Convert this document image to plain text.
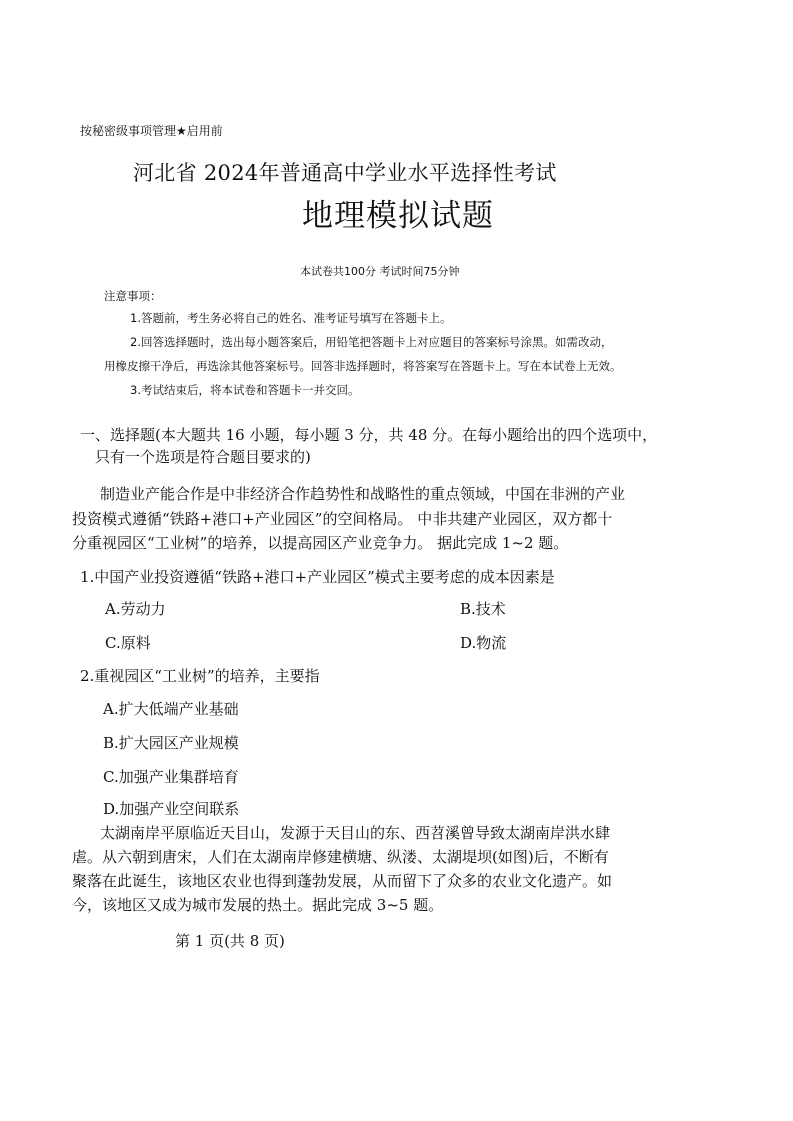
按秘密级事项管理★启用前
河北省 2024年普通高中学业水平选择性考试
地理模拟试题
本试卷共100分 考试时间75分钟
注意事项：
1.答题前，考生务必将自己的姓名、准考证号填写在答题卡上。
2.回答选择题时，选出每小题答案后，用铅笔把答题卡上对应题目的答案标号涂黑。如需改动，
用橡皮擦干净后，再选涂其他答案标号。回答非选择题时，将答案写在答题卡上。写在本试卷上无效。
3.考试结束后，将本试卷和答题卡一并交回。
一、选择题(本大题共 16 小题，每小题 3 分，共 48 分。在每小题给出的四个选项中，
只有一个选项是符合题目要求的)
制造业产能合作是中非经济合作趋势性和战略性的重点领域，中国在非洲的产业
投资模式遵循“铁路+港口+产业园区”的空间格局。 中非共建产业园区，双方都十
分重视园区“工业树”的培养，以提高园区产业竞争力。 据此完成 1~2 题。
1.中国产业投资遵循“铁路+港口+产业园区”模式主要考虑的成本因素是
A.劳动力	B.技术
C.原料	D.物流
2.重视园区“工业树”的培养，主要指
A.扩大低端产业基础
B.扩大园区产业规模
C.加强产业集群培育
D.加强产业空间联系
太湖南岸平原临近天目山，发源于天目山的东、西苕溪曾导致太湖南岸洪水肆
虐。从六朝到唐宋，人们在太湖南岸修建横塘、纵溇、太湖堤坝(如图)后，不断有
聚落在此诞生，该地区农业也得到蓬勃发展，从而留下了众多的农业文化遗产。如
今，该地区又成为城市发展的热土。据此完成 3~5 题。
第 1 页(共 8 页)
